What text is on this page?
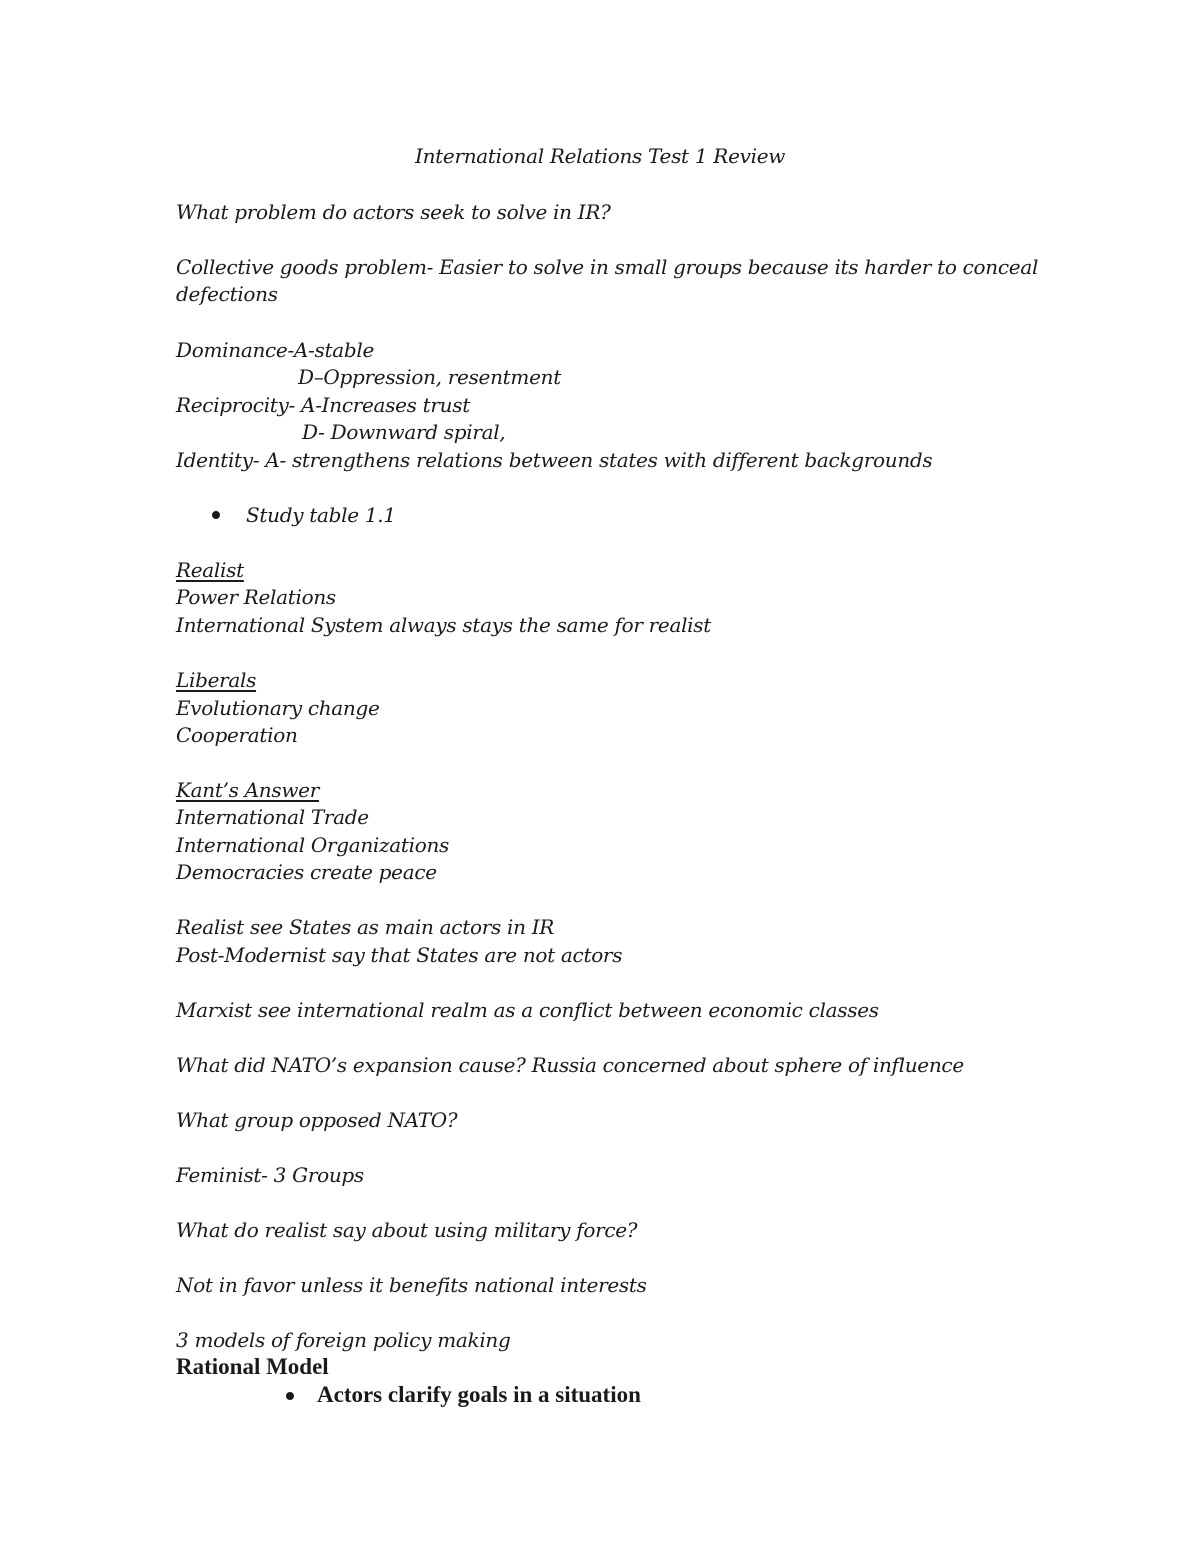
International Relations Test 1 Review
What problem do actors seek to solve in IR?
Collective goods problem- Easier to solve in small groups because its harder to conceal
defections
Dominance-A-stable
D–Oppression, resentment
Reciprocity- A-Increases trust
D- Downward spiral,
Identity- A- strengthens relations between states with different backgrounds
Study table 1.1
Realist
Power Relations
International System always stays the same for realist
Liberals
Evolutionary change
Cooperation
Kant’s Answer
International Trade
International Organizations
Democracies create peace
Realist see States as main actors in IR
Post-Modernist say that States are not actors
Marxist see international realm as a conflict between economic classes
What did NATO’s expansion cause? Russia concerned about sphere of influence
What group opposed NATO?
Feminist- 3 Groups
What do realist say about using military force?
Not in favor unless it benefits national interests
3 models of foreign policy making
Rational Model
Actors clarify goals in a situation
